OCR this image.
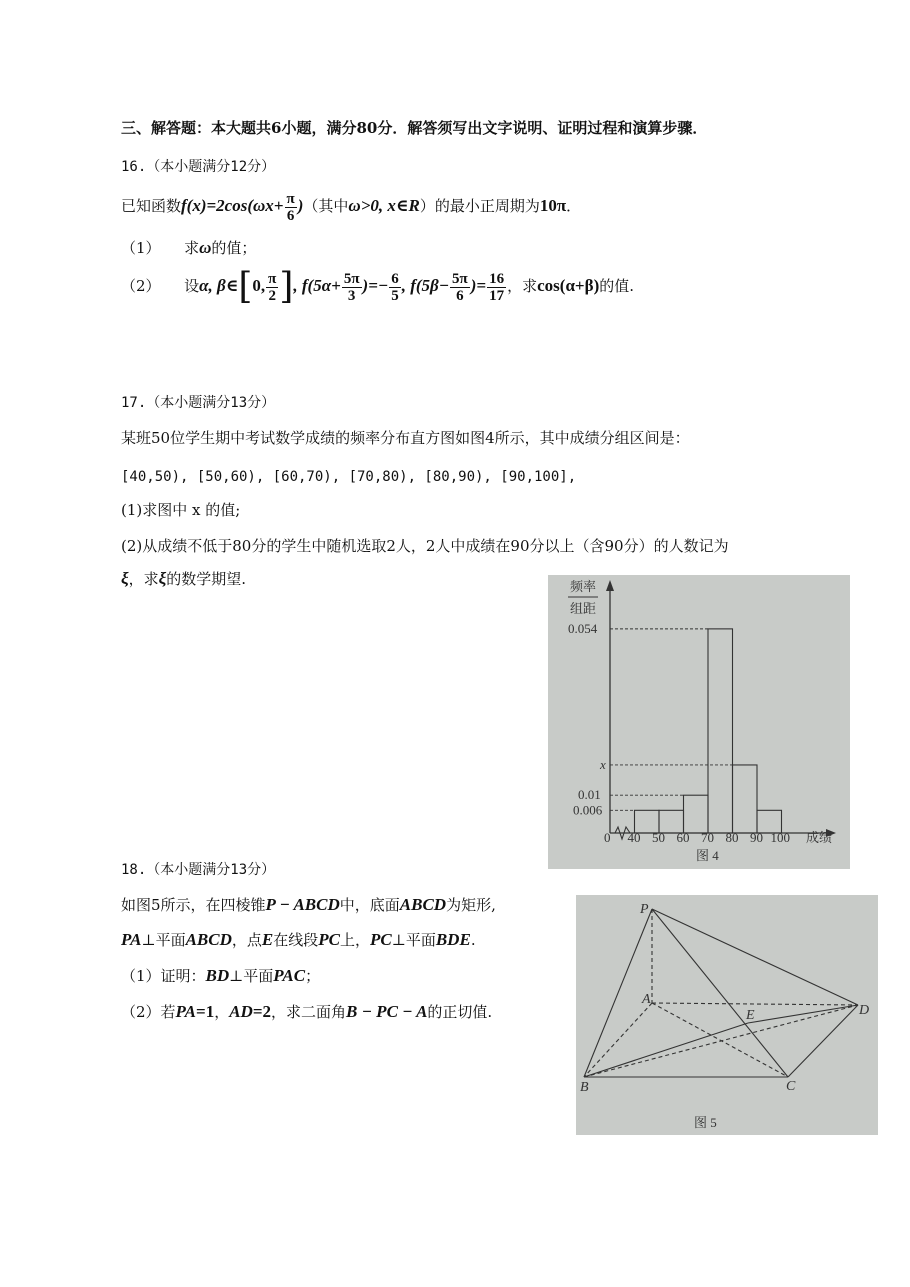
三、解答题：本大题共6小题，满分80分．解答须写出文字说明、证明过程和演算步骤．
16.（本小题满分12分）
已知函数$f(x)=2\cos(\omega x+ \frac{\pi}{6}$ )（其中ω>0, x∈R）的最小正周期为10π．
（1） 求ω的值；
（2） 设α, β∈[0, $\frac{\pi}{2}$ ], $f(5\alpha+ \frac{5\pi}{3}$ )=− $\frac{6}{5}$ , $f(5\beta- \frac{5\pi}{6}$ )= $\frac{16}{17}$ ，求cos(α+β)的值.
17.（本小题满分13分）
某班50位学生期中考试数学成绩的频率分布直方图如图4所示，其中成绩分组区间是：
[40,50), [50,60), [60,70), [70,80), [80,90), [90,100],
(1)求图中 x 的值;
(2)从成绩不低于80分的学生中随机选取2人，2人中成绩在90分以上（含90分）的人数记为
ξ，求ξ的数学期望.	频率
组距
成绩
0 40 50 60 70 80 90 100
0.054
x
0.01
0.006
图 4
18.（本小题满分13分）
如图5所示，在四棱锥P − ABCD中，底面ABCD为矩形,
PA⊥平面ABCD，点E在线段PC上，PC⊥平面BDE.
（1）证明：BD⊥平面PAC；
（2）若PA=1，AD=2，求二面角B − PC − A的正切值.
P
A
B	C
D
E
图 5
